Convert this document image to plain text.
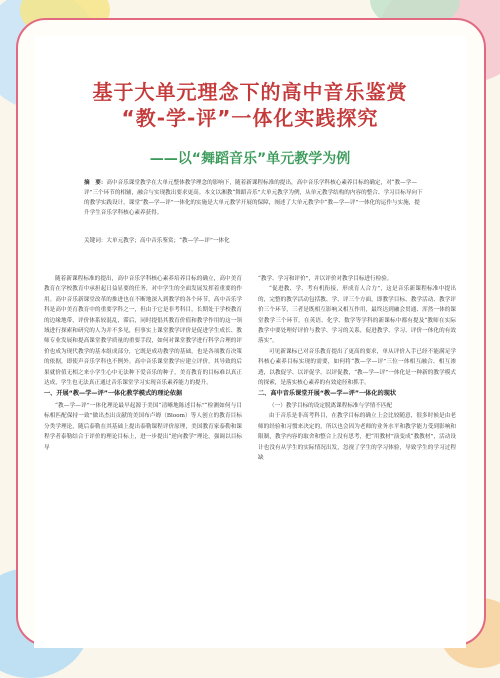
基于大单元理念下的高中音乐鉴赏
“教-学-评”一体化实践探究
——以“舞蹈音乐”单元教学为例
摘　要：高中音乐课堂教学在大单元整体教学理念的影响下，随着新课程标准的提出，高中音乐学科核心素养目标的确定，对“教—学—评”三个环节的相辅，融合与实现教出要求更高。本文以湘教“舞蹈音乐”大单元教学为例，从单元教学结构的内容的整合、学习目标导向下的教学实践设计，课堂“教—学—评”一体化的实施是大单元教学开展的保障，阐述了大单元教学中“教—学—评”一体化的运作与实施，提升学生音乐学科核心素养获得。
关键词：大单元教学；高中音乐鉴赏；“教—学—评”一体化

随着新课程标准的提出，高中音乐学科核心素养培养目标的确立，高中美育教育在学校教育中承担起日益显要的任务，对中学生的全面发展发挥着重要的作用。高中音乐新课堂改革的推进也在不断地深入到教学的各个环节，高中音乐学科是高中美育教育中的重要学科之一，但由于它是非考科目，长期处于学校教育的边缘地带，评价体系较混乱，滞后，同时提倡其教育价值和教学作用的这一领域进行探索和研究的人为并不多见，但事实上课堂教学评价是促进学生成长、教师专业发展和提高课堂教学质量的重要手段，如何对课堂教学进行科学合理的评价也成为现代教学的基本组成部分，它既是成功教学的基础，也是各项教育决策的依据，即使声音乐学科也不例外。高中音乐课堂教学应建立评价，其导致的后果就价值无相之来小学生心中无法种下爱音乐的种子，美育教育的目标难以真正达成，学生也无法真正通过音乐课堂学习实现音乐素养能力的提升。

一、开展“教—学—评”一体化教学模式的理论依据

“教—学—评”一体化理论最早起源于美国“清晰地陈述目标”“检测如何与目标相匹配保持一致”做出杰出贡献的美国布卢姆（Bloom）等人创立的教育目标分类学理论，随后泰勒在其基础上提出泰勒课程评价原理，美国教育家泰勒和课程学者泰勒结合于评价的理论目标上，进一步提出“逆向教学”理论，强调以目标导

“教学、学习和评价”，并以评价对教学目标进行检验。

“促进教、学、考有机衔接，形成育人合力”，这是音乐新课程标准中提出的，完整的教学活动包括教、学、评三个方面，即教学目标、教学活动、教学评价三个环节，三者是既相互影响又相互作用，最终达到融会贯通、浑然一体的课堂教学三个环节。在英语、化学、数学等学科的新课标中都有提及“教师在实际教学中要处理好评价与教学、学习的关系，促进教学、学习、评价一体化的有效落实”。

可见新课标已对音乐教育提出了更高的要求，单从评价入手已经不能满足学科核心素养目标实现的需要，如何将“教—学—评”三位一体相互融合、相互渗透，以教促学、以评促学，以评促教，“教—学—评”一体化是一种新的教学模式的探索，是落实核心素养的有效途径和抓手。

二、高中音乐课堂开展“教—学—评”一体化的现状

（一）教学目标的设定脱离课程标准与学情不匹配

由于音乐是非高考科目，在教学目标的确立上会比较随意，很多时候是由老师的经验和习惯来决定的，所以也会因为老师的业务水平和教学能力受到影响和限制，教学内容的取舍和整合上没有思考，把“用教材”演变成“教教材”，活动设计也没有从学生的实际情况出发，忽视了学生的学习体验，导致学生的学习过程缺
